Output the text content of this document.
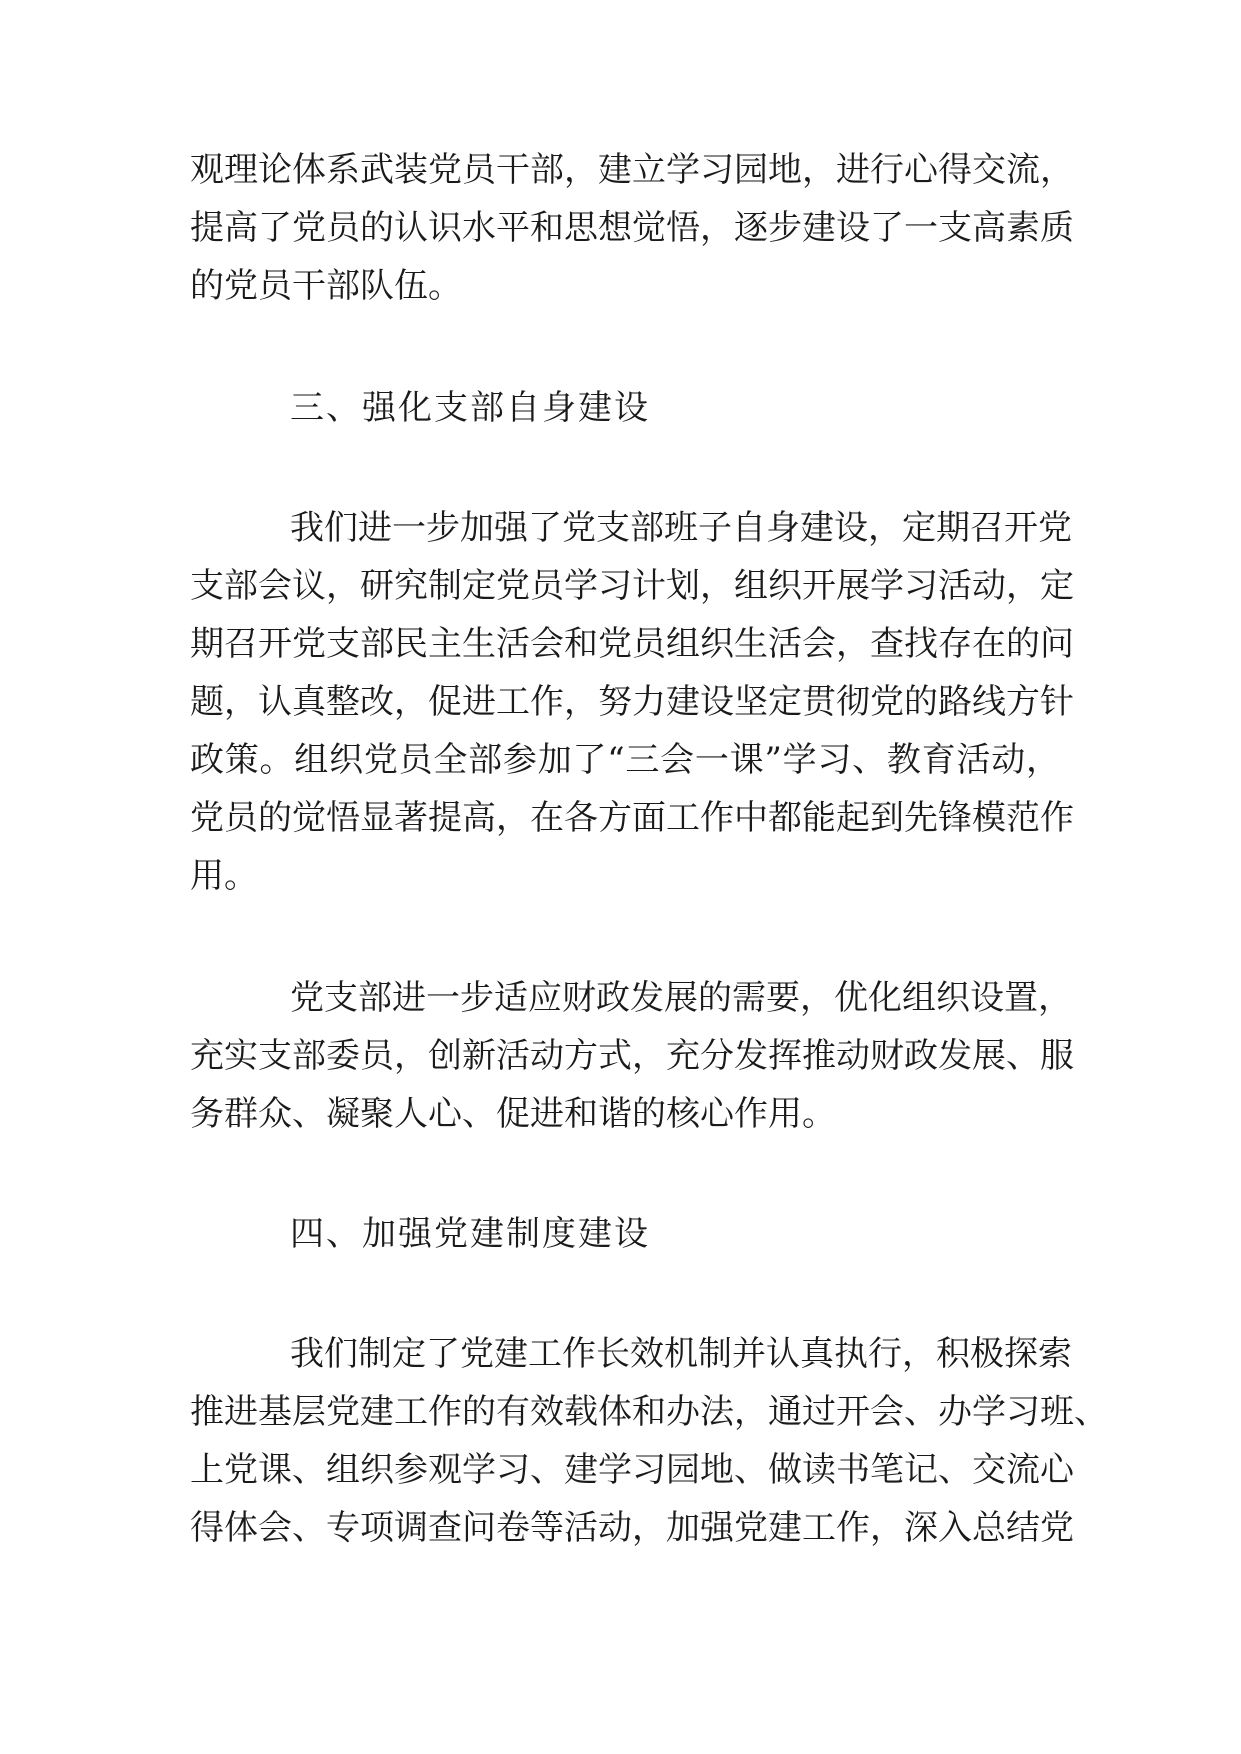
观理论体系武装党员干部，建立学习园地，进行心得交流，
提高了党员的认识水平和思想觉悟，逐步建设了一支高素质
的党员干部队伍。
三、强化支部自身建设
我们进一步加强了党支部班子自身建设，定期召开党
支部会议，研究制定党员学习计划，组织开展学习活动，定
期召开党支部民主生活会和党员组织生活会，查找存在的问
题，认真整改，促进工作，努力建设坚定贯彻党的路线方针
政策。组织党员全部参加了“三会一课”学习、教育活动，
党员的觉悟显著提高，在各方面工作中都能起到先锋模范作
用。
党支部进一步适应财政发展的需要，优化组织设置，
充实支部委员，创新活动方式，充分发挥推动财政发展、服
务群众、凝聚人心、促进和谐的核心作用。
四、加强党建制度建设
我们制定了党建工作长效机制并认真执行，积极探索
推进基层党建工作的有效载体和办法，通过开会、办学习班、
上党课、组织参观学习、建学习园地、做读书笔记、交流心
得体会、专项调查问卷等活动，加强党建工作，深入总结党
